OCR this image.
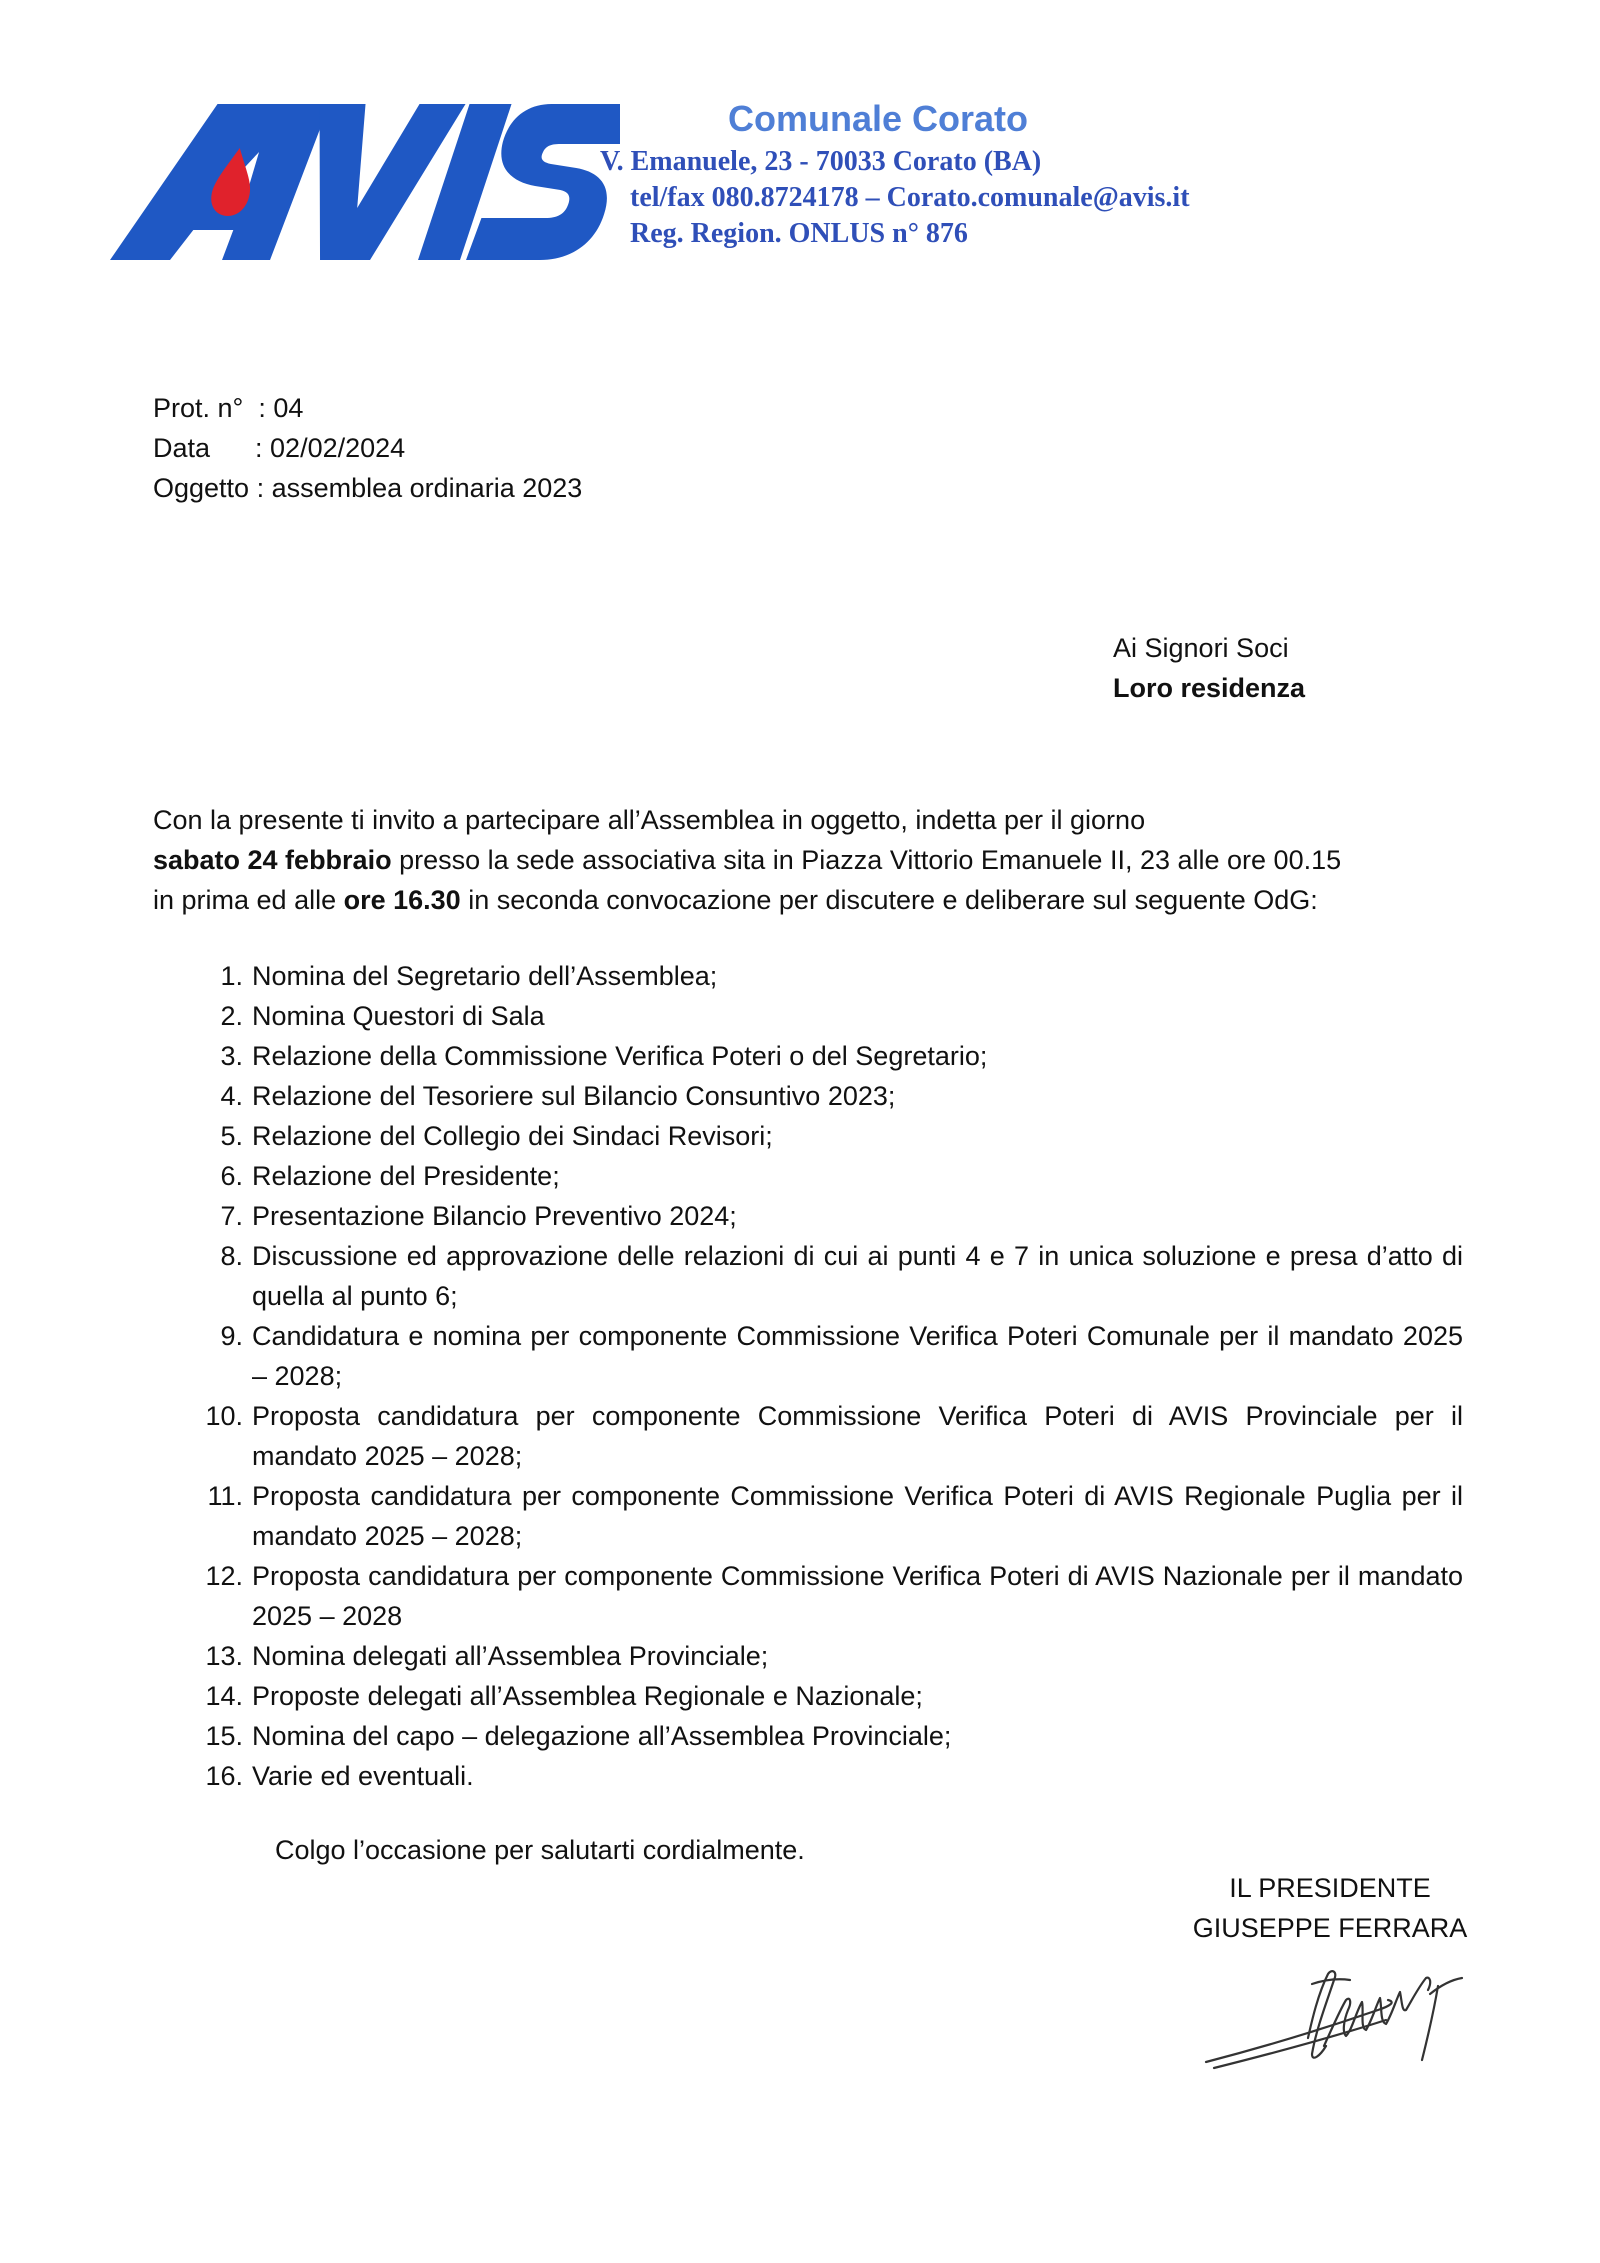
Comunale Corato
V. Emanuele, 23 - 70033 Corato (BA)
tel/fax 080.8724178 – Corato.comunale@avis.it
Reg. Region. ONLUS n° 876
Prot. n°  : 04
Data      : 02/02/2024
Oggetto : assemblea ordinaria 2023
Ai Signori Soci
Loro residenza
Con la presente ti invito a partecipare all’Assemblea in oggetto, indetta per il giorno
sabato 24 febbraio presso la sede associativa sita in Piazza Vittorio Emanuele II, 23 alle ore 00.15
in prima ed alle ore 16.30 in seconda convocazione per discutere e deliberare sul seguente OdG:
1. Nomina del Segretario dell’Assemblea;
2. Nomina Questori di Sala
3. Relazione della Commissione Verifica Poteri o del Segretario;
4. Relazione del Tesoriere sul Bilancio Consuntivo 2023;
5. Relazione del Collegio dei Sindaci Revisori;
6. Relazione del Presidente;
7. Presentazione Bilancio Preventivo 2024;
8. Discussione ed approvazione delle relazioni di cui ai punti 4 e 7 in unica soluzione e presa d’atto di quella al punto 6;
9. Candidatura e nomina per componente Commissione Verifica Poteri Comunale per il mandato 2025 – 2028;
10. Proposta candidatura per componente Commissione Verifica Poteri di AVIS Provinciale per il mandato 2025 – 2028;
11. Proposta candidatura per componente Commissione Verifica Poteri di AVIS Regionale Puglia per il mandato 2025 – 2028;
12. Proposta candidatura per componente Commissione Verifica Poteri di AVIS Nazionale per il mandato 2025 – 2028
13. Nomina delegati all’Assemblea Provinciale;
14. Proposte delegati all’Assemblea Regionale e Nazionale;
15. Nomina del capo – delegazione all’Assemblea Provinciale;
16. Varie ed eventuali.
Colgo l’occasione per salutarti cordialmente.
IL PRESIDENTE
GIUSEPPE FERRARA
